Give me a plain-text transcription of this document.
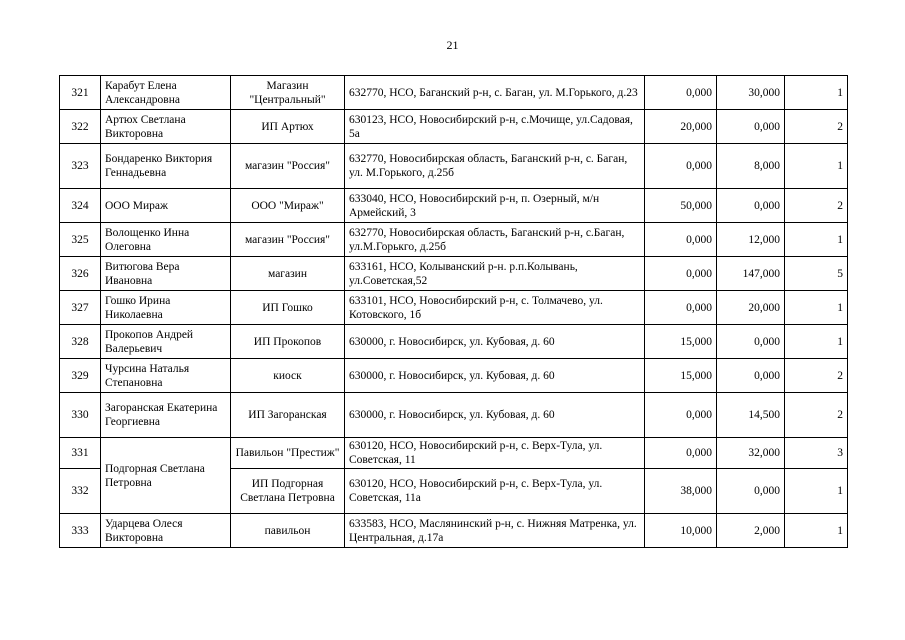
21
321	Карабут Елена Александровна	Магазин "Центральный"	632770, НСО, Баганский р-н, с. Баган, ул. М.Горького, д.23	0,000	30,000	1
322	Артюх Светлана Викторовна	ИП Артюх	630123, НСО, Новосибирский р-н, с.Мочище, ул.Садовая, 5а	20,000	0,000	2
323	Бондаренко Виктория Геннадьевна	магазин "Россия"	632770, Новосибирская область, Баганский р-н, с. Баган, ул. М.Горького, д.25б	0,000	8,000	1
324	ООО Мираж	ООО "Мираж"	633040, НСО, Новосибирский р-н, п. Озерный, м/н Армейский, 3	50,000	0,000	2
325	Волощенко Инна Олеговна	магазин "Россия"	632770, Новосибирская область, Баганский р-н, с.Баган, ул.М.Горькго, д.25б	0,000	12,000	1
326	Витюгова Вера Ивановна	магазин	633161, НСО, Колыванский р-н. р.п.Колывань, ул.Советская,52	0,000	147,000	5
327	Гошко Ирина Николаевна	ИП Гошко	633101, НСО, Новосибирский р-н, с. Толмачево, ул. Котовского, 1б	0,000	20,000	1
328	Прокопов Андрей Валерьевич	ИП Прокопов	630000, г. Новосибирск, ул. Кубовая, д. 60	15,000	0,000	1
329	Чурсина Наталья Степановна	киоск	630000, г. Новосибирск, ул. Кубовая, д. 60	15,000	0,000	2
330	Загоранская Екатерина Георгиевна	ИП Загоранская	630000, г. Новосибирск, ул. Кубовая, д. 60	0,000	14,500	2
331	Подгорная Светлана Петровна	Павильон "Престиж"	630120, НСО, Новосибирский р-н, с. Верх-Тула, ул. Советская, 11	0,000	32,000	3
332		ИП Подгорная Светлана Петровна	630120, НСО, Новосибирский р-н, с. Верх-Тула, ул. Советская, 11а	38,000	0,000	1
333	Ударцева Олеся Викторовна	павильон	633583, НСО, Маслянинский р-н, с. Нижняя Матренка, ул. Центральная, д.17а	10,000	2,000	1
